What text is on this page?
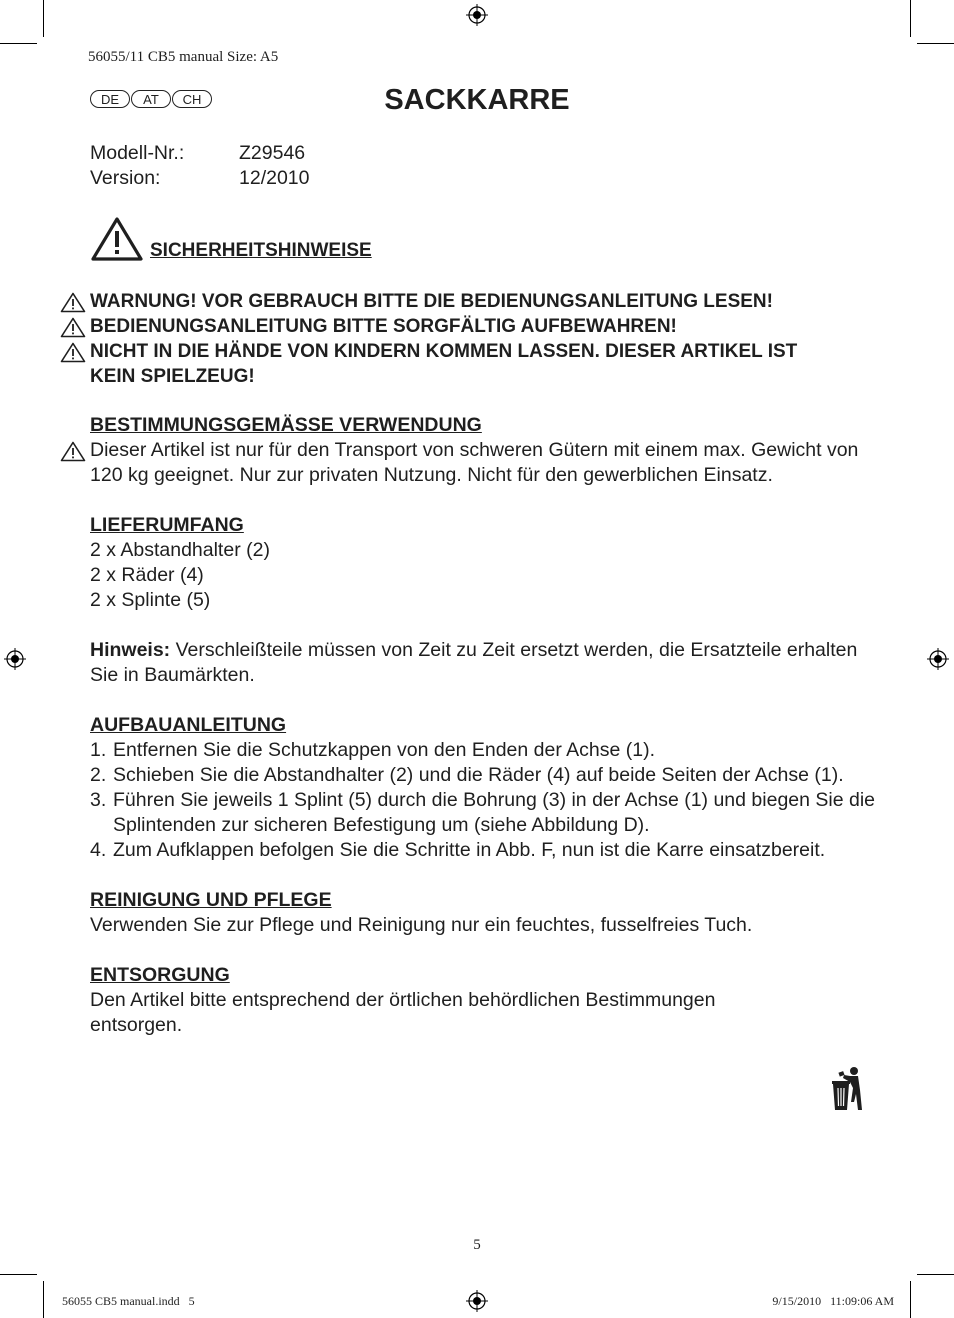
56055/11 CB5 manual Size: A5
DE	AT	CH	SACKKARRE
Modell-Nr.:	Z29546
Version:	12/2010
SICHERHEITSHINWEISE
WARNUNG! VOR GEBRAUCH BITTE DIE BEDIENUNGSANLEITUNG LESEN!
BEDIENUNGSANLEITUNG BITTE SORGFÄLTIG AUFBEWAHREN!
NICHT IN DIE HÄNDE VON KINDERN KOMMEN LASSEN. DIESER ARTIKEL IST
KEIN SPIELZEUG!
BESTIMMUNGSGEMÄSSE VERWENDUNG
Dieser Artikel ist nur für den Transport von schweren Gütern mit einem max. Gewicht von 120 kg geeignet. Nur zur privaten Nutzung. Nicht für den gewerblichen Einsatz.
LIEFERUMFANG
2 x Abstandhalter (2)
2 x Räder (4)
2 x Splinte (5)
Hinweis: Verschleißteile müssen von Zeit zu Zeit ersetzt werden, die Ersatzteile erhalten Sie in Baumärkten.
AUFBAUANLEITUNG
1. Entfernen Sie die Schutzkappen von den Enden der Achse (1).
2. Schieben Sie die Abstandhalter (2) und die Räder (4) auf beide Seiten der Achse (1).
3. Führen Sie jeweils 1 Splint (5) durch die Bohrung (3) in der Achse (1) und biegen Sie die Splintenden zur sicheren Befestigung um (siehe Abbildung D).
4. Zum Aufklappen befolgen Sie die Schritte in Abb. F, nun ist die Karre einsatzbereit.
REINIGUNG UND PFLEGE
Verwenden Sie zur Pflege und Reinigung nur ein feuchtes, fusselfreies Tuch.
ENTSORGUNG
Den Artikel bitte entsprechend der örtlichen behördlichen Bestimmungen entsorgen.
5
56055 CB5 manual.indd   5	9/15/2010   11:09:06 AM
